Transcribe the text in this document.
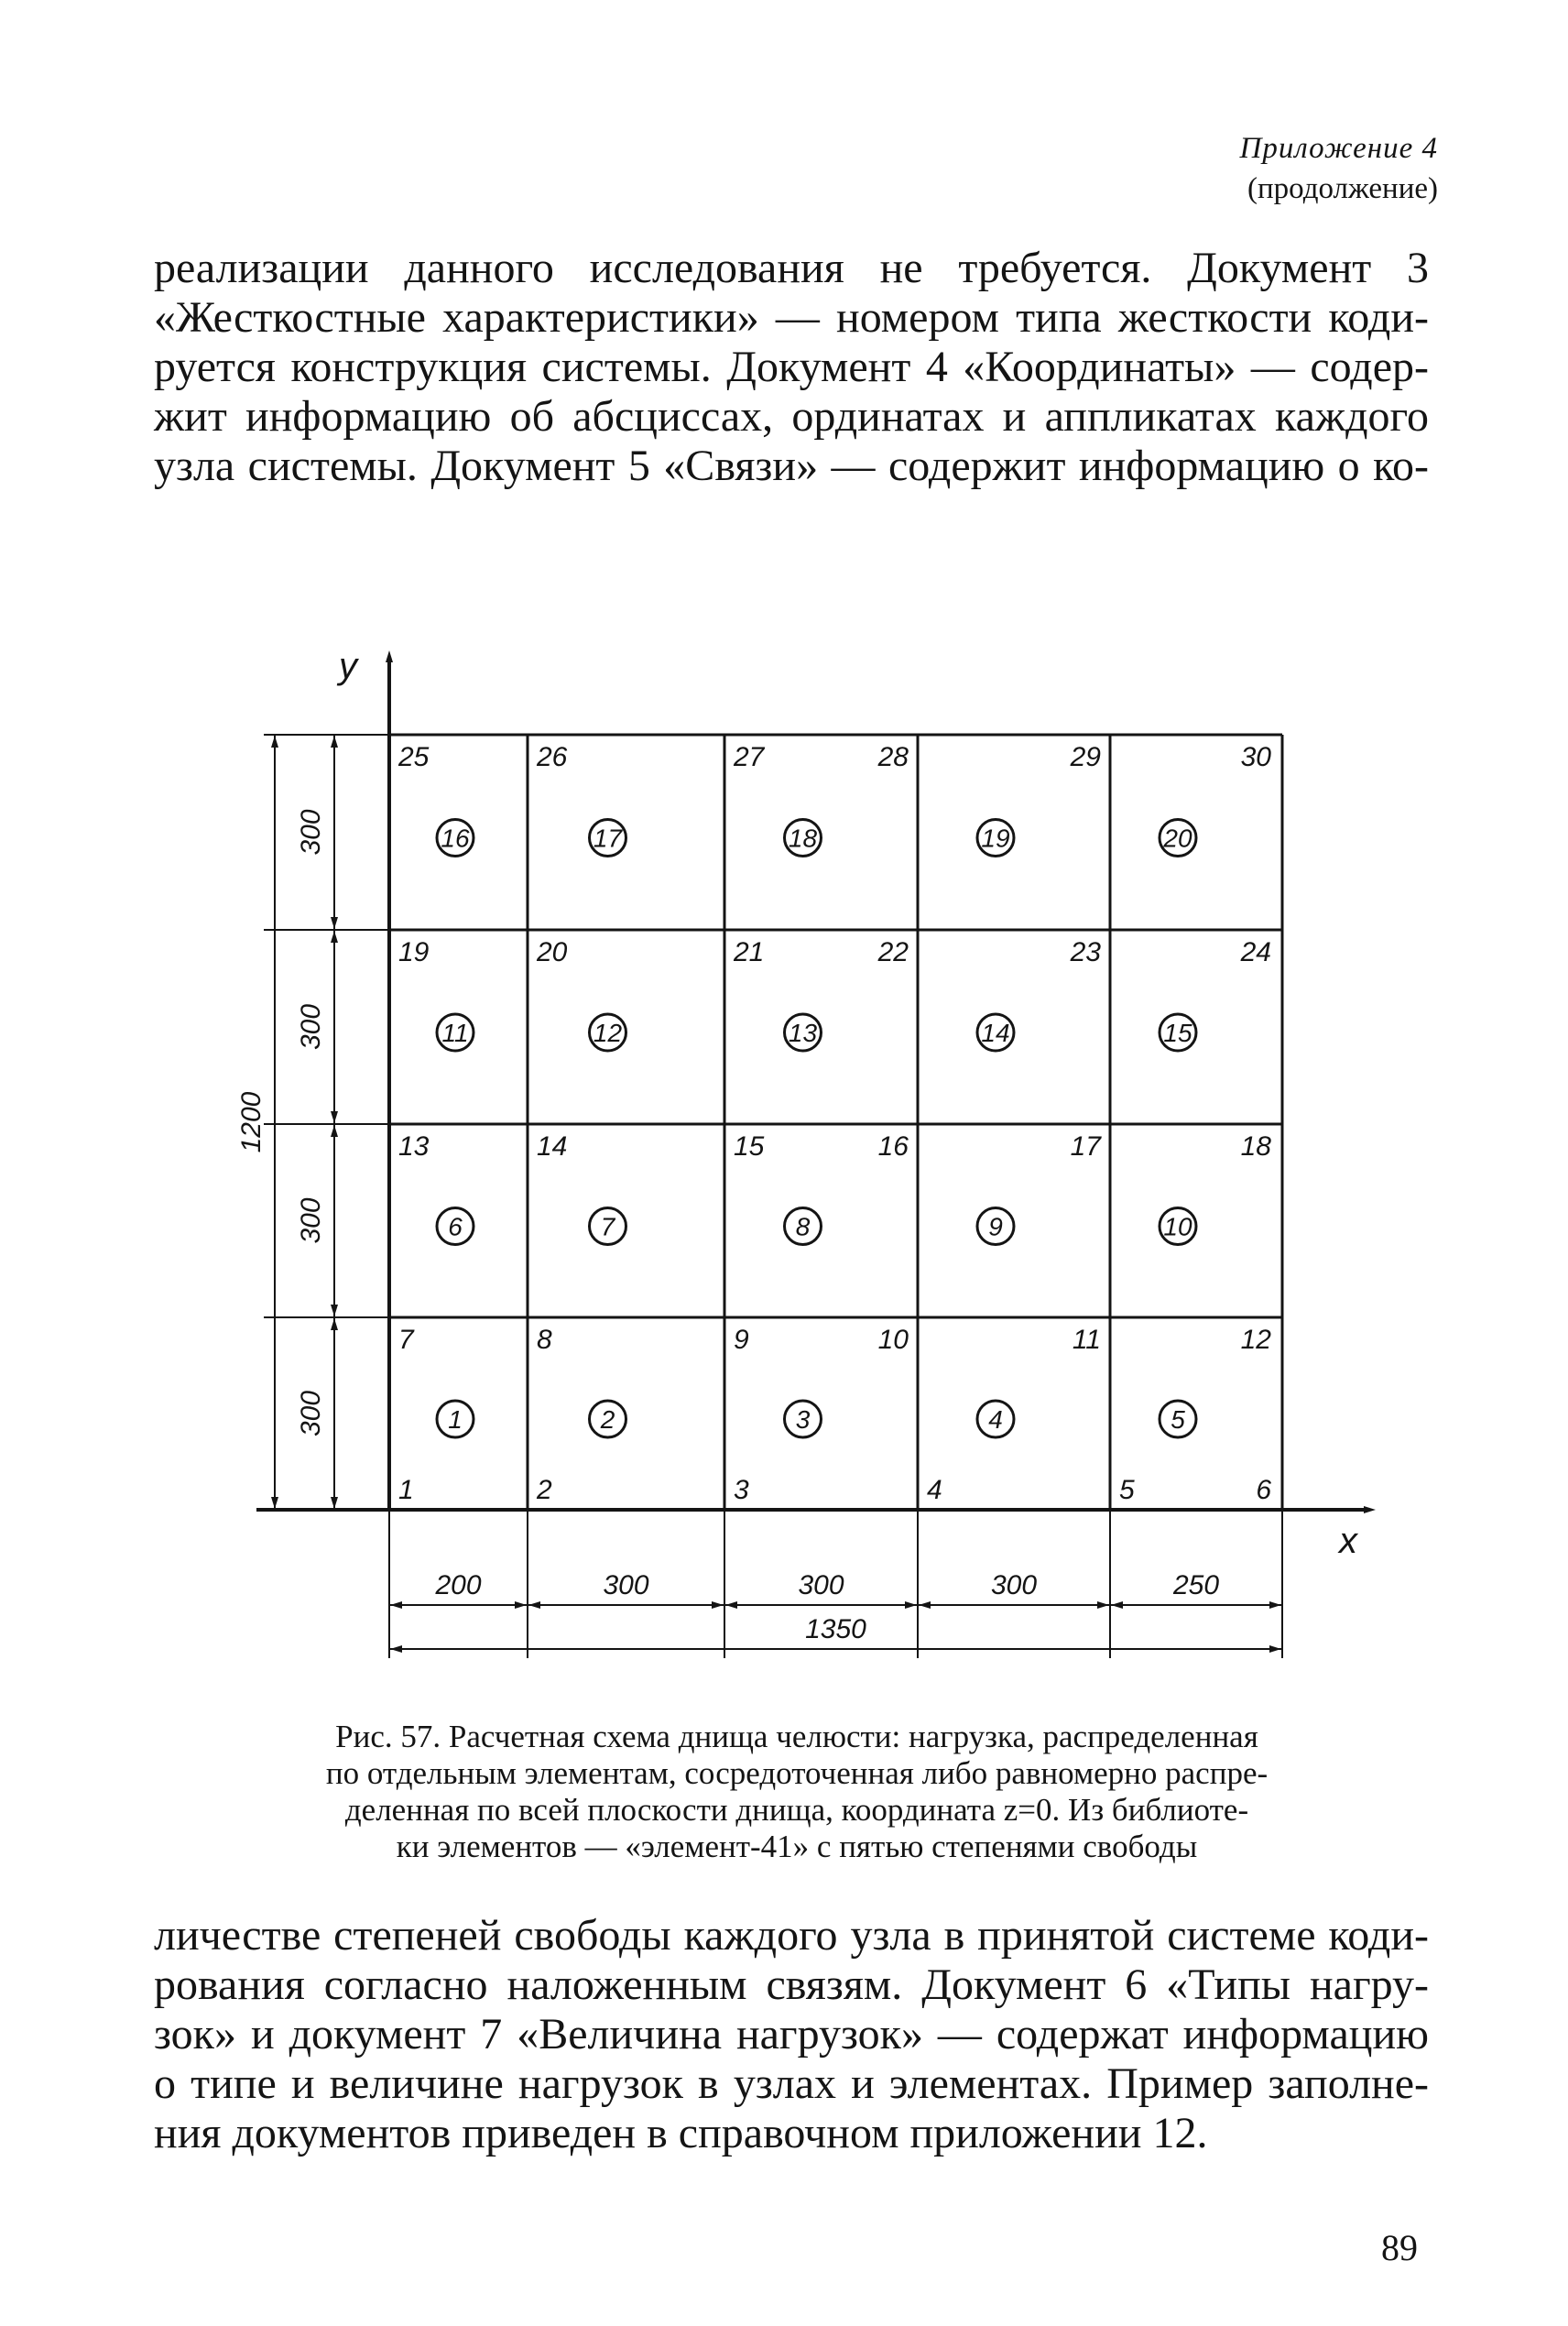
Приложение 4
(продолжение)

реализации данного исследования не требуется. Документ 3
«Жесткостные характеристики» — номером типа жесткости коди-
руется конструкция системы. Документ 4 «Координаты» — содер-
жит информацию об абсциссах, ординатах и аппликатах каждого
узла системы. Документ 5 «Связи» — содержит информацию о ко-

y
x
1	2	3	4	5	6
7	8	9	10	11	12
13	14	15	16	17	18
19	20	21	22	23	24
25	26	27	28	29	30
1	2	3	4	5
6	7	8	9	10
11	12	13	14	15
16	17	18	19	20
200	300	300	300	250
1350
300
300
300
300
1200
Рис. 57. Расчетная схема днища челюсти: нагрузка, распределенная
по отдельным элементам, сосредоточенная либо равномерно распре-
деленная по всей плоскости днища, координата z=0. Из библиоте-
ки элементов — «элемент-41» с пятью степенями свободы

личестве степеней свободы каждого узла в принятой системе коди-
рования согласно наложенным связям. Документ 6 «Типы нагру-
зок» и документ 7 «Величина нагрузок» — содержат информацию
о типе и величине нагрузок в узлах и элементах. Пример заполне-
ния документов приведен в справочном приложении 12.

89
